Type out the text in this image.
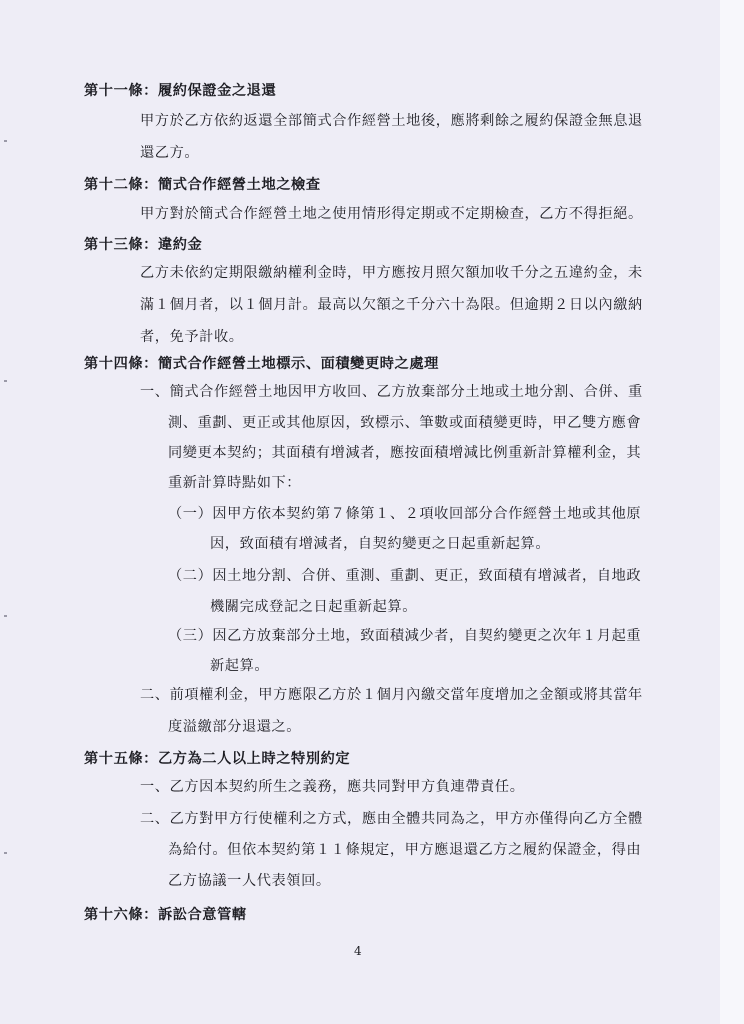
第十一條：履約保證金之退還
甲方於乙方依約返還全部簡式合作經營土地後，應將剩餘之履約保證金無息退
還乙方。
第十二條：簡式合作經營土地之檢查
甲方對於簡式合作經營土地之使用情形得定期或不定期檢查，乙方不得拒絕。
第十三條：違約金
乙方未依約定期限繳納權利金時，甲方應按月照欠額加收千分之五違約金，未
滿１個月者，以１個月計。最高以欠額之千分六十為限。但逾期２日以內繳納
者，免予計收。
第十四條：簡式合作經營土地標示、面積變更時之處理
一、簡式合作經營土地因甲方收回、乙方放棄部分土地或土地分割、合併、重
測、重劃、更正或其他原因，致標示、筆數或面積變更時，甲乙雙方應會
同變更本契約；其面積有增減者，應按面積增減比例重新計算權利金，其
重新計算時點如下：
（一）因甲方依本契約第７條第１、２項收回部分合作經營土地或其他原
因，致面積有增減者，自契約變更之日起重新起算。
（二）因土地分割、合併、重測、重劃、更正，致面積有增減者，自地政
機關完成登記之日起重新起算。
（三）因乙方放棄部分土地，致面積減少者，自契約變更之次年１月起重
新起算。
二、前項權利金，甲方應限乙方於１個月內繳交當年度增加之金額或將其當年
度溢繳部分退還之。
第十五條：乙方為二人以上時之特別約定
一、乙方因本契約所生之義務，應共同對甲方負連帶責任。
二、乙方對甲方行使權利之方式，應由全體共同為之，甲方亦僅得向乙方全體
為給付。但依本契約第１１條規定，甲方應退還乙方之履約保證金，得由
乙方協議一人代表領回。
第十六條：訴訟合意管轄
4
